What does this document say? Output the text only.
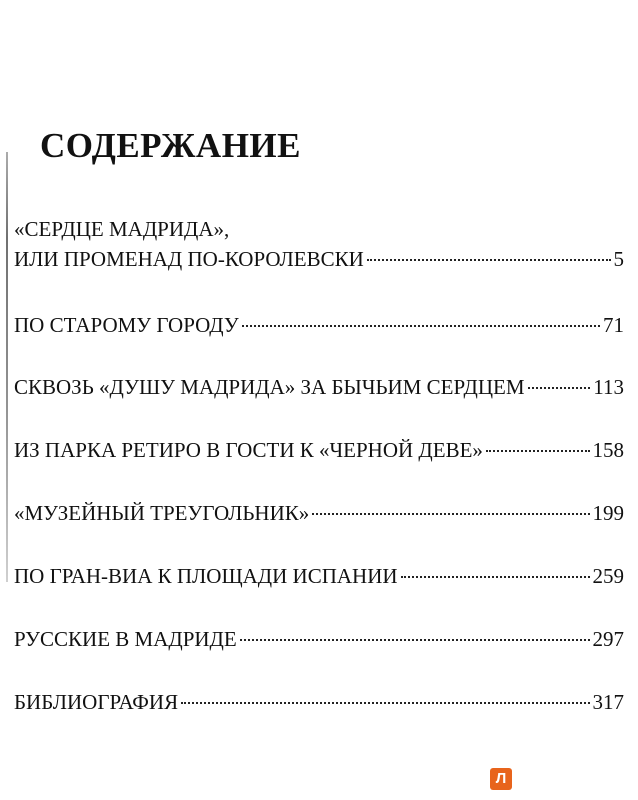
СОДЕРЖАНИЕ
«СЕРДЦЕ МАДРИДА»,
ИЛИ ПРОМЕНАД ПО-КОРОЛЕВСКИ	5
ПО СТАРОМУ ГОРОДУ	71
СКВОЗЬ «ДУШУ МАДРИДА» ЗА БЫЧЬИМ СЕРДЦЕМ	113
ИЗ ПАРКА РЕТИРО В ГОСТИ К «ЧЕРНОЙ ДЕВЕ»	158
«МУЗЕЙНЫЙ ТРЕУГОЛЬНИК»	199
ПО ГРАН-ВИА К ПЛОЩАДИ ИСПАНИИ	259
РУССКИЕ В МАДРИДЕ	297
БИБЛИОГРАФИЯ	317
Л
